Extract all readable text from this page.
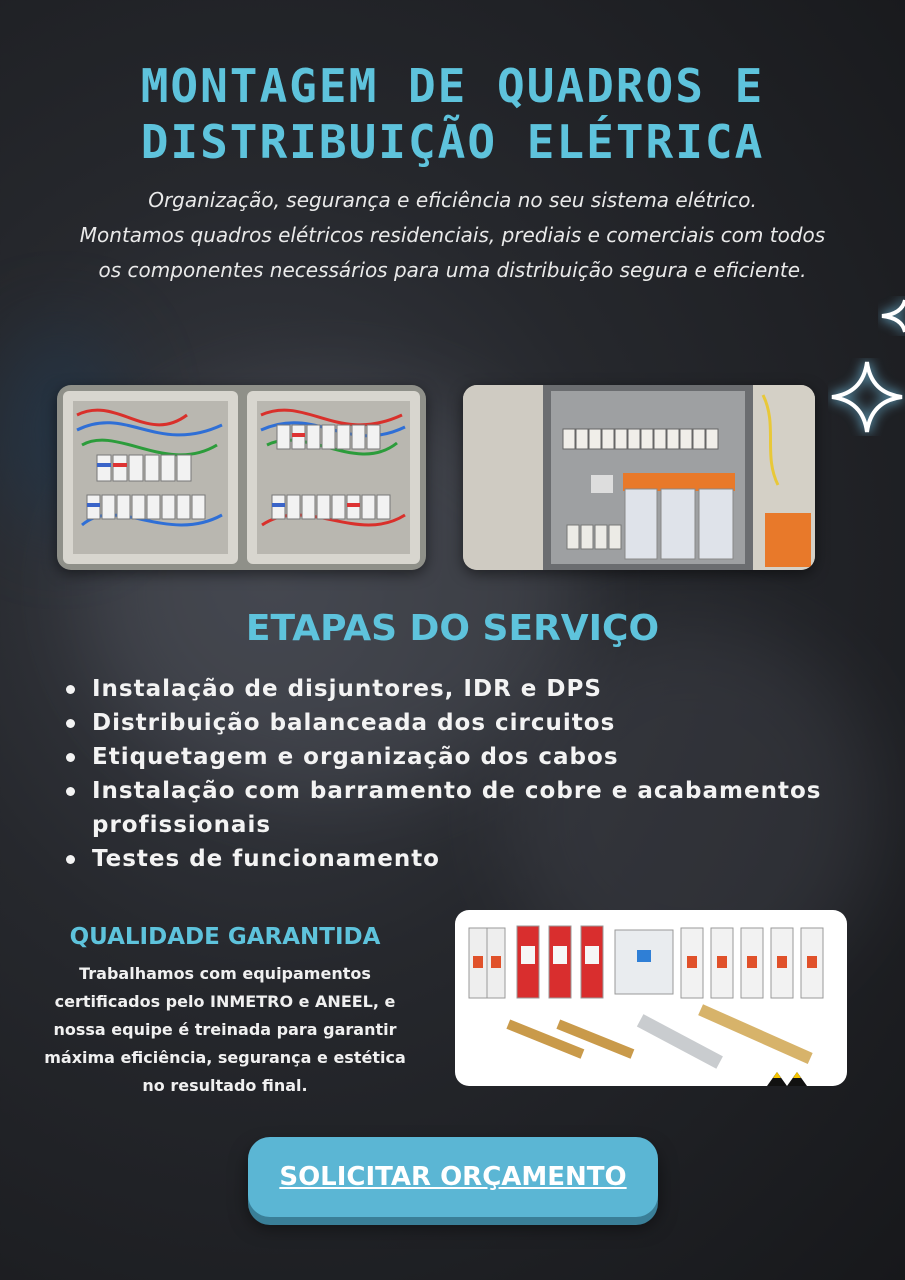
MONTAGEM DE QUADROS E
DISTRIBUIÇÃO ELÉTRICA

Organização, segurança e eficiência no seu sistema elétrico.
Montamos quadros elétricos residenciais, prediais e comerciais com todos
os componentes necessários para uma distribuição segura e eficiente.

ETAPAS DO SERVIÇO
Instalação de disjuntores, IDR e DPS
Distribuição balanceada dos circuitos
Etiquetagem e organização dos cabos
Instalação com barramento de cobre e acabamentos profissionais
Testes de funcionamento
QUALIDADE GARANTIDA

Trabalhamos com equipamentos
certificados pelo INMETRO e ANEEL, e
nossa equipe é treinada para garantir
máxima eficiência, segurança e estética
no resultado final.

SOLICITAR ORÇAMENTO
